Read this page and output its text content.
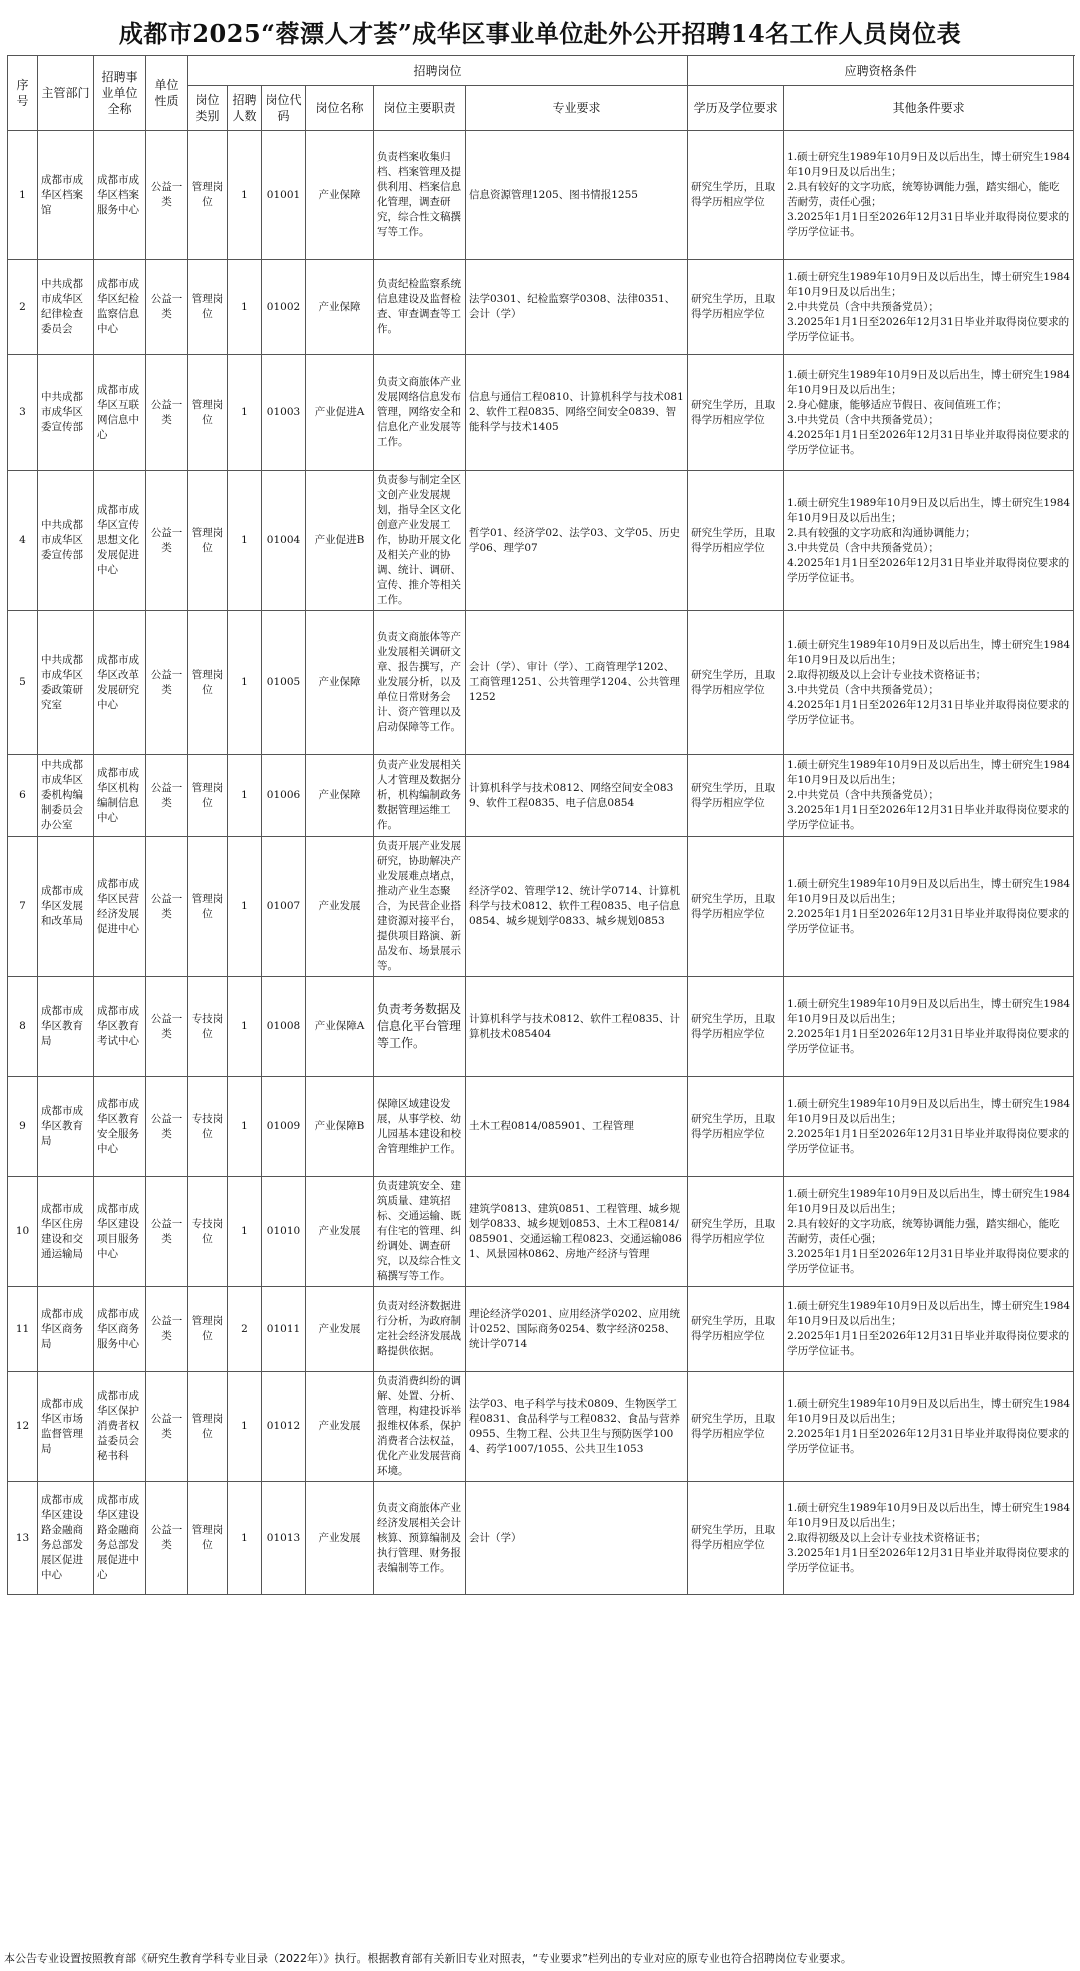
成都市2025“蓉漂人才荟”成华区事业单位赴外公开招聘14名工作人员岗位表
序号	主管部门	招聘事业单位全称	单位性质	招聘岗位						应聘资格条件	
				岗位类别	招聘人数	岗位代码	岗位名称	岗位主要职责	专业要求	学历及学位要求	其他条件要求
1	成都市成华区档案馆	成都市成华区档案服务中心	公益一类	管理岗位	1	01001	产业保障	负责档案收集归档、档案管理及提供利用、档案信息化管理，调查研究，综合性文稿撰写等工作。	信息资源管理1205、图书情报1255	研究生学历，且取得学历相应学位	1.硕士研究生1989年10月9日及以后出生，博士研究生1984年10月9日及以后出生；
2.具有较好的文字功底，统筹协调能力强，踏实细心，能吃苦耐劳，责任心强；
3.2025年1月1日至2026年12月31日毕业并取得岗位要求的学历学位证书。
2	中共成都市成华区纪律检查委员会	成都市成华区纪检监察信息中心	公益一类	管理岗位	1	01002	产业保障	负责纪检监察系统信息建设及监督检查、审查调查等工作。	法学0301、纪检监察学0308、法律0351、会计（学）	研究生学历，且取得学历相应学位	1.硕士研究生1989年10月9日及以后出生，博士研究生1984年10月9日及以后出生；
2.中共党员（含中共预备党员）；
3.2025年1月1日至2026年12月31日毕业并取得岗位要求的学历学位证书。
3	中共成都市成华区委宣传部	成都市成华区互联网信息中心	公益一类	管理岗位	1	01003	产业促进A	负责文商旅体产业发展网络信息发布管理，网络安全和信息化产业发展等工作。	信息与通信工程0810、计算机科学与技术0812、软件工程0835、网络空间安全0839、智能科学与技术1405	研究生学历，且取得学历相应学位	1.硕士研究生1989年10月9日及以后出生，博士研究生1984年10月9日及以后出生；
2.身心健康，能够适应节假日、夜间值班工作；
3.中共党员（含中共预备党员）；
4.2025年1月1日至2026年12月31日毕业并取得岗位要求的学历学位证书。
4	中共成都市成华区委宣传部	成都市成华区宣传思想文化发展促进中心	公益一类	管理岗位	1	01004	产业促进B	负责参与制定全区文创产业发展规划，指导全区文化创意产业发展工作，协助开展文化及相关产业的协调、统计、调研、宣传、推介等相关工作。	哲学01、经济学02、法学03、文学05、历史学06、理学07	研究生学历，且取得学历相应学位	1.硕士研究生1989年10月9日及以后出生，博士研究生1984年10月9日及以后出生；
2.具有较强的文字功底和沟通协调能力；
3.中共党员（含中共预备党员）；
4.2025年1月1日至2026年12月31日毕业并取得岗位要求的学历学位证书。
5	中共成都市成华区委政策研究室	成都市成华区改革发展研究中心	公益一类	管理岗位	1	01005	产业保障	负责文商旅体等产业发展相关调研文章、报告撰写，产业发展分析，以及单位日常财务会计、资产管理以及启动保障等工作。	会计（学）、审计（学）、工商管理学1202、工商管理1251、公共管理学1204、公共管理1252	研究生学历，且取得学历相应学位	1.硕士研究生1989年10月9日及以后出生，博士研究生1984年10月9日及以后出生；
2.取得初级及以上会计专业技术资格证书；
3.中共党员（含中共预备党员）；
4.2025年1月1日至2026年12月31日毕业并取得岗位要求的学历学位证书。
6	中共成都市成华区委机构编制委员会办公室	成都市成华区机构编制信息中心	公益一类	管理岗位	1	01006	产业保障	负责产业发展相关人才管理及数据分析，机构编制政务数据管理运维工作。	计算机科学与技术0812、网络空间安全0839、软件工程0835、电子信息0854	研究生学历，且取得学历相应学位	1.硕士研究生1989年10月9日及以后出生，博士研究生1984年10月9日及以后出生；
2.中共党员（含中共预备党员）；
3.2025年1月1日至2026年12月31日毕业并取得岗位要求的学历学位证书。
7	成都市成华区发展和改革局	成都市成华区民营经济发展促进中心	公益一类	管理岗位	1	01007	产业发展	负责开展产业发展研究，协助解决产业发展难点堵点，推动产业生态聚合，为民营企业搭建资源对接平台，提供项目路演、新品发布、场景展示等。	经济学02、管理学12、统计学0714、计算机科学与技术0812、软件工程0835、电子信息0854、城乡规划学0833、城乡规划0853	研究生学历，且取得学历相应学位	1.硕士研究生1989年10月9日及以后出生，博士研究生1984年10月9日及以后出生；
2.2025年1月1日至2026年12月31日毕业并取得岗位要求的学历学位证书。
8	成都市成华区教育局	成都市成华区教育考试中心	公益一类	专技岗位	1	01008	产业保障A	负责考务数据及信息化平台管理等工作。	计算机科学与技术0812、软件工程0835、计算机技术085404	研究生学历，且取得学历相应学位	1.硕士研究生1989年10月9日及以后出生，博士研究生1984年10月9日及以后出生；
2.2025年1月1日至2026年12月31日毕业并取得岗位要求的学历学位证书。
9	成都市成华区教育局	成都市成华区教育安全服务中心	公益一类	专技岗位	1	01009	产业保障B	保障区域建设发展，从事学校、幼儿园基本建设和校舍管理维护工作。	土木工程0814/085901、工程管理	研究生学历，且取得学历相应学位	1.硕士研究生1989年10月9日及以后出生，博士研究生1984年10月9日及以后出生；
2.2025年1月1日至2026年12月31日毕业并取得岗位要求的学历学位证书。
10	成都市成华区住房建设和交通运输局	成都市成华区建设项目服务中心	公益一类	专技岗位	1	01010	产业发展	负责建筑安全、建筑质量、建筑招标、交通运输、既有住宅的管理、纠纷调处、调查研究，以及综合性文稿撰写等工作。	建筑学0813、建筑0851、工程管理、城乡规划学0833、城乡规划0853、土木工程0814/085901、交通运输工程0823、交通运输0861、风景园林0862、房地产经济与管理	研究生学历，且取得学历相应学位	1.硕士研究生1989年10月9日及以后出生，博士研究生1984年10月9日及以后出生；
2.具有较好的文字功底，统筹协调能力强，踏实细心，能吃苦耐劳，责任心强；
3.2025年1月1日至2026年12月31日毕业并取得岗位要求的学历学位证书。
11	成都市成华区商务局	成都市成华区商务服务中心	公益一类	管理岗位	2	01011	产业发展	负责对经济数据进行分析，为政府制定社会经济发展战略提供依据。	理论经济学0201、应用经济学0202、应用统计0252、国际商务0254、数字经济0258、统计学0714	研究生学历，且取得学历相应学位	1.硕士研究生1989年10月9日及以后出生，博士研究生1984年10月9日及以后出生；
2.2025年1月1日至2026年12月31日毕业并取得岗位要求的学历学位证书。
12	成都市成华区市场监督管理局	成都市成华区保护消费者权益委员会秘书科	公益一类	管理岗位	1	01012	产业发展	负责消费纠纷的调解、处置、分析、管理，构建投诉举报维权体系，保护消费者合法权益，优化产业发展营商环境。	法学03、电子科学与技术0809、生物医学工程0831、食品科学与工程0832、食品与营养0955、生物工程、公共卫生与预防医学1004、药学1007/1055、公共卫生1053	研究生学历，且取得学历相应学位	1.硕士研究生1989年10月9日及以后出生，博士研究生1984年10月9日及以后出生；
2.2025年1月1日至2026年12月31日毕业并取得岗位要求的学历学位证书。
13	成都市成华区建设路金融商务总部发展区促进中心	成都市成华区建设路金融商务总部发展促进中心	公益一类	管理岗位	1	01013	产业发展	负责文商旅体产业经济发展相关会计核算、预算编制及执行管理、财务报表编制等工作。	会计（学）	研究生学历，且取得学历相应学位	1.硕士研究生1989年10月9日及以后出生，博士研究生1984年10月9日及以后出生；
2.取得初级及以上会计专业技术资格证书；
3.2025年1月1日至2026年12月31日毕业并取得岗位要求的学历学位证书。
本公告专业设置按照教育部《研究生教育学科专业目录（2022年）》执行。根据教育部有关新旧专业对照表，“专业要求”栏列出的专业对应的原专业也符合招聘岗位专业要求。
